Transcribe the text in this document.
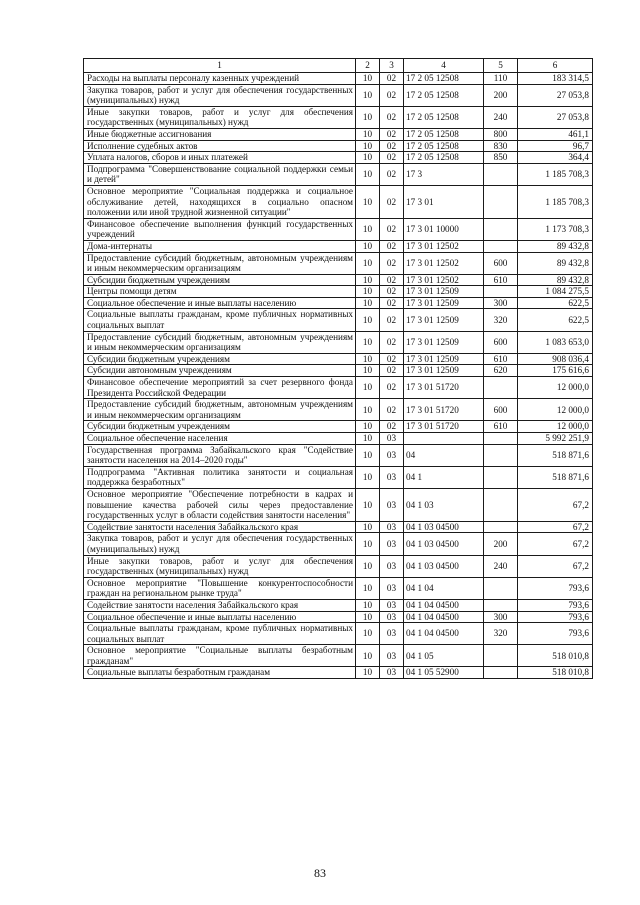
1	2	3	4	5	6
Расходы на выплаты персоналу казенных учреждений	10	02	17 2 05 12508	110	183 314,5
Закупка товаров, работ и услуг для обеспечения государственных (муниципальных) нужд	10	02	17 2 05 12508	200	27 053,8
Иные закупки товаров, работ и услуг для обеспечения государственных (муниципальных) нужд	10	02	17 2 05 12508	240	27 053,8
Иные бюджетные ассигнования	10	02	17 2 05 12508	800	461,1
Исполнение судебных актов	10	02	17 2 05 12508	830	96,7
Уплата налогов, сборов и иных платежей	10	02	17 2 05 12508	850	364,4
Подпрограмма "Совершенствование социальной поддержки семьи и детей"	10	02	17 3		1 185 708,3
Основное мероприятие "Социальная поддержка и социальное обслуживание детей, находящихся в социально опасном положении или иной трудной жизненной ситуации"	10	02	17 3 01		1 185 708,3
Финансовое обеспечение выполнения функций государственных учреждений	10	02	17 3 01 10000		1 173 708,3
Дома-интернаты	10	02	17 3 01 12502		89 432,8
Предоставление субсидий бюджетным, автономным учреждениям и иным некоммерческим организациям	10	02	17 3 01 12502	600	89 432,8
Субсидии бюджетным учреждениям	10	02	17 3 01 12502	610	89 432,8
Центры помощи детям	10	02	17 3 01 12509		1 084 275,5
Социальное обеспечение и иные выплаты населению	10	02	17 3 01 12509	300	622,5
Социальные выплаты гражданам, кроме публичных нормативных социальных выплат	10	02	17 3 01 12509	320	622,5
Предоставление субсидий бюджетным, автономным учреждениям и иным некоммерческим организациям	10	02	17 3 01 12509	600	1 083 653,0
Субсидии бюджетным учреждениям	10	02	17 3 01 12509	610	908 036,4
Субсидии автономным учреждениям	10	02	17 3 01 12509	620	175 616,6
Финансовое обеспечение мероприятий за счет резервного фонда Президента Российской Федерации	10	02	17 3 01 51720		12 000,0
Предоставление субсидий бюджетным, автономным учреждениям и иным некоммерческим организациям	10	02	17 3 01 51720	600	12 000,0
Субсидии бюджетным учреждениям	10	02	17 3 01 51720	610	12 000,0
Социальное обеспечение населения	10	03			5 992 251,9
Государственная программа Забайкальского края "Содействие занятости населения на 2014–2020 годы"	10	03	04		518 871,6
Подпрограмма "Активная политика занятости и социальная поддержка безработных"	10	03	04 1		518 871,6
Основное мероприятие "Обеспечение потребности в кадрах и повышение качества рабочей силы через предоставление государственных услуг в области содействия занятости населения"	10	03	04 1 03		67,2
Содействие занятости населения Забайкальского края	10	03	04 1 03 04500		67,2
Закупка товаров, работ и услуг для обеспечения государственных (муниципальных) нужд	10	03	04 1 03 04500	200	67,2
Иные закупки товаров, работ и услуг для обеспечения государственных (муниципальных) нужд	10	03	04 1 03 04500	240	67,2
Основное мероприятие "Повышение конкурентоспособности граждан на региональном рынке труда"	10	03	04 1 04		793,6
Содействие занятости населения Забайкальского края	10	03	04 1 04 04500		793,6
Социальное обеспечение и иные выплаты населению	10	03	04 1 04 04500	300	793,6
Социальные выплаты гражданам, кроме публичных нормативных социальных выплат	10	03	04 1 04 04500	320	793,6
Основное мероприятие "Социальные выплаты безработным гражданам"	10	03	04 1 05		518 010,8
Социальные выплаты безработным гражданам	10	03	04 1 05 52900		518 010,8
83
